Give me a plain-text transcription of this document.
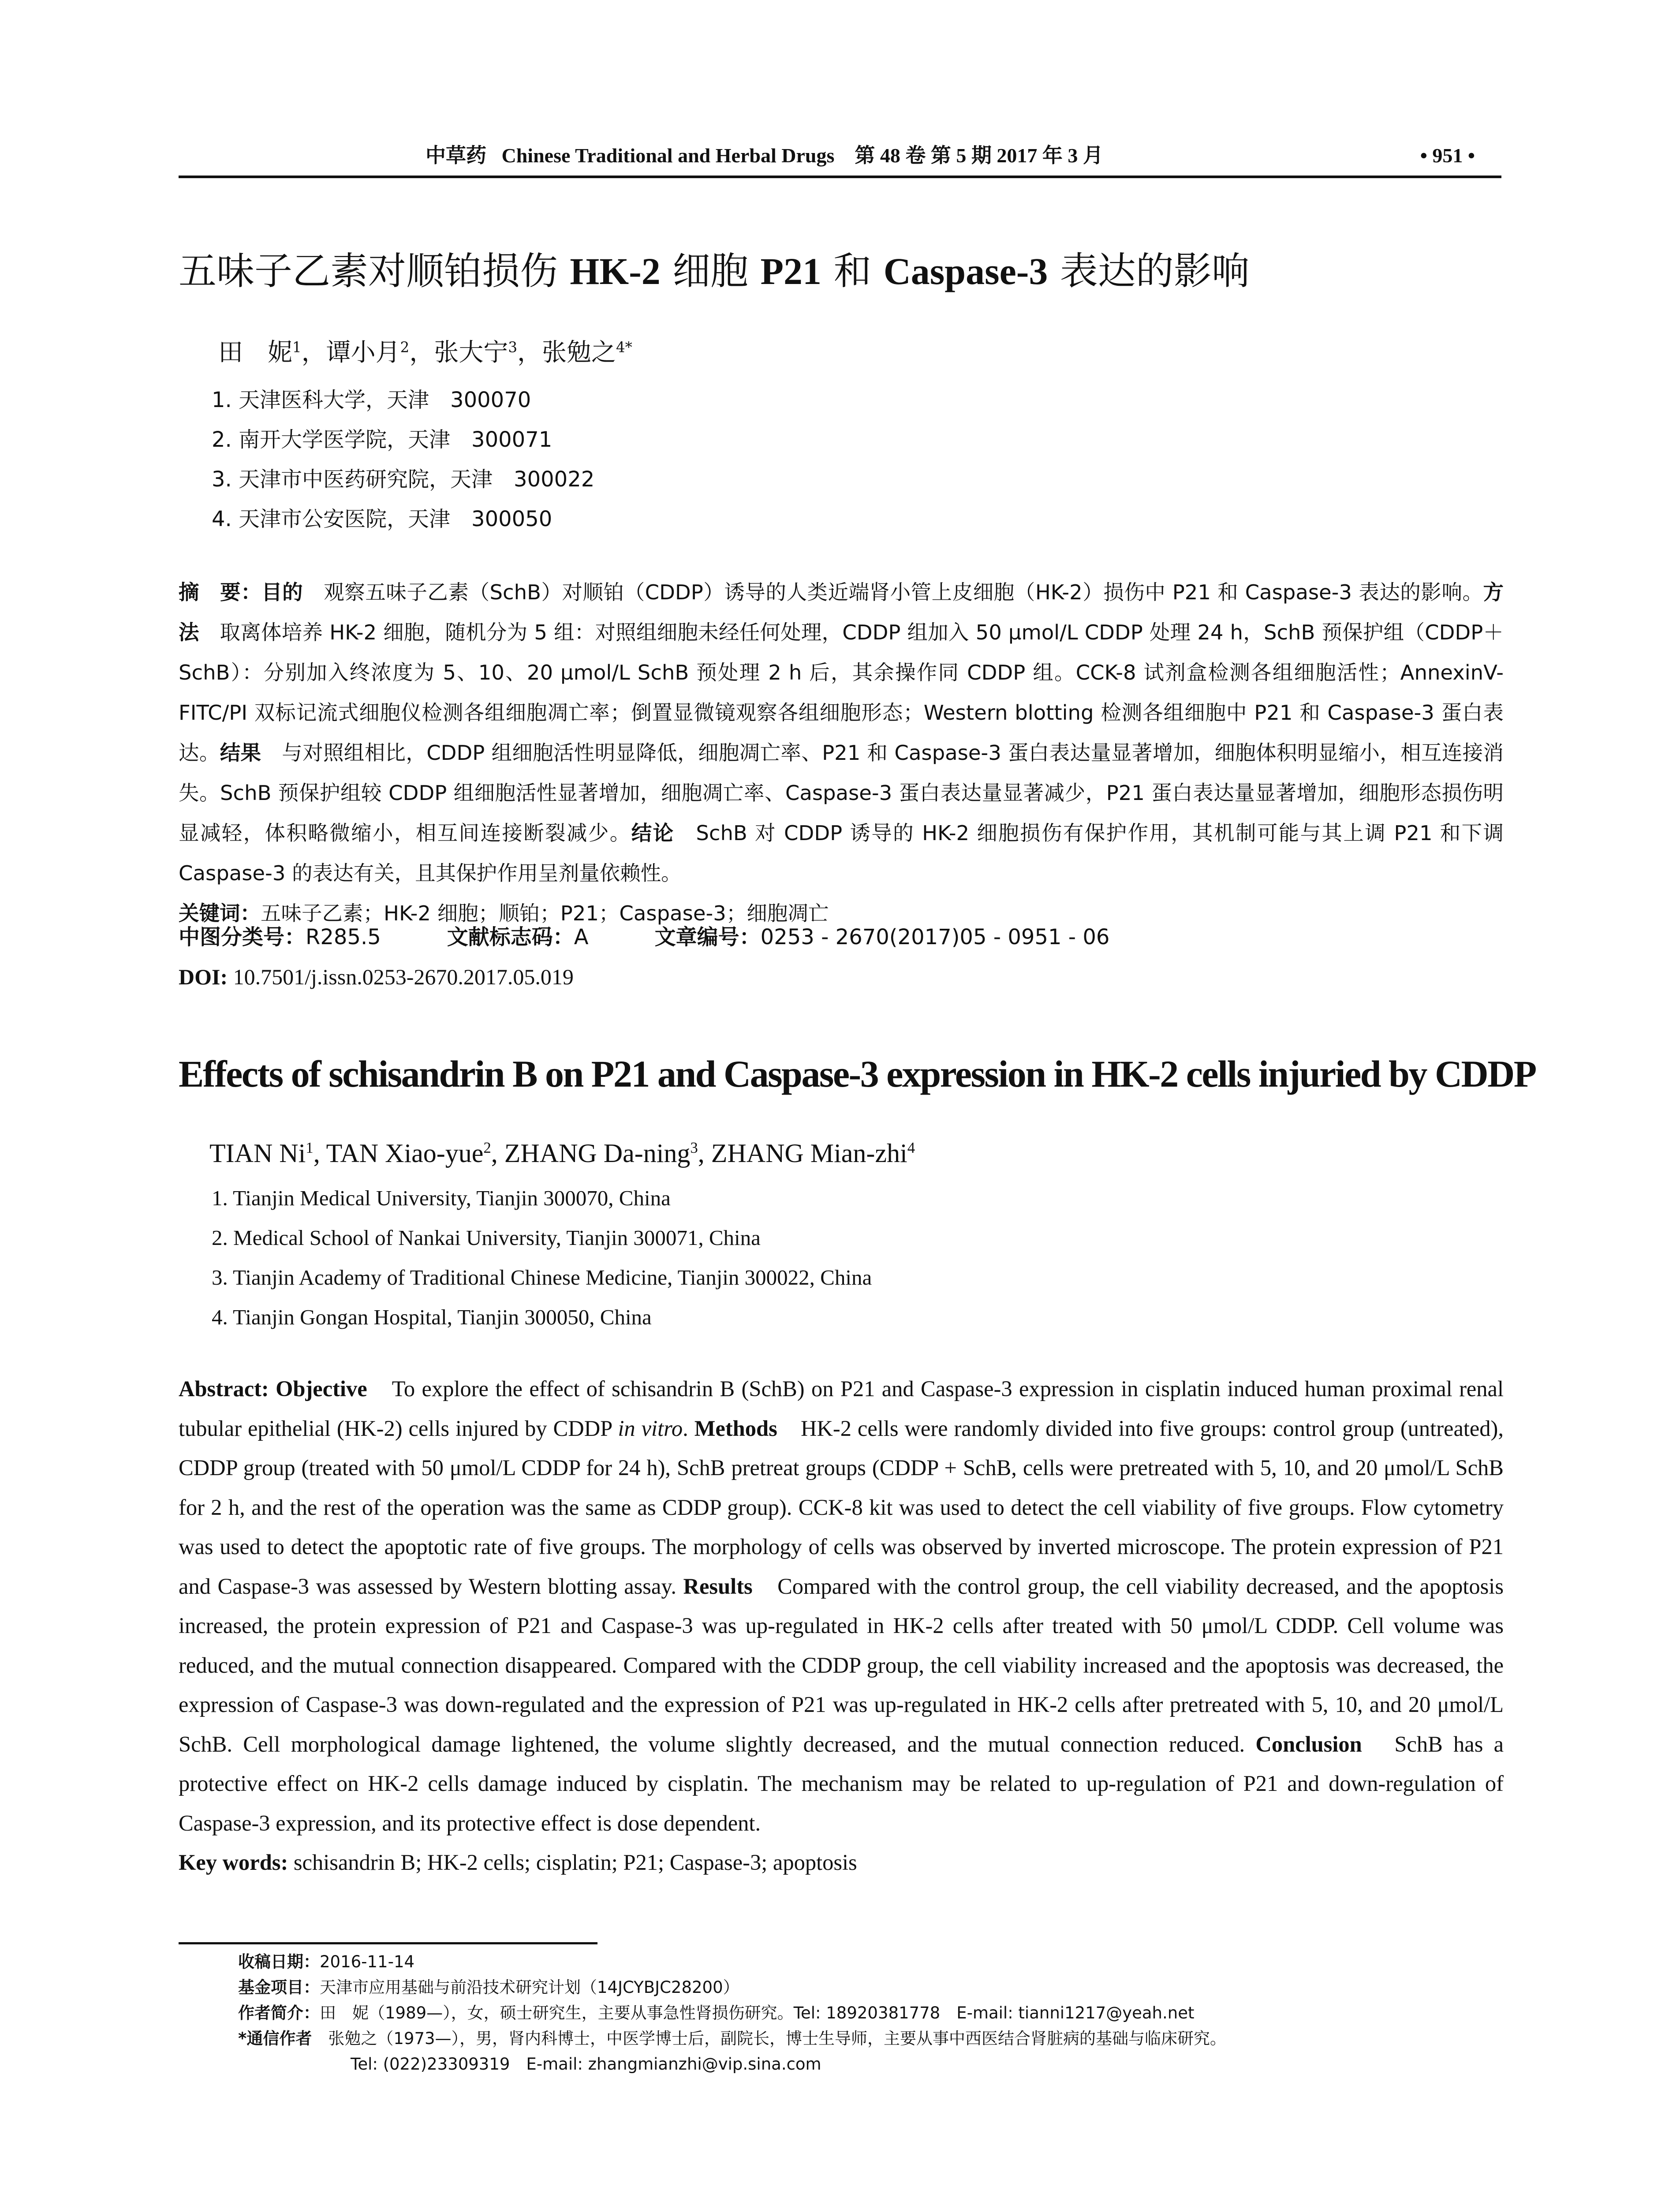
中草药 Chinese Traditional and Herbal Drugs 第 48 卷 第 5 期 2017 年 3 月	• 951 •
五味子乙素对顺铂损伤 HK-2 细胞 P21 和 Caspase-3 表达的影响
田　妮$^1$，谭小月$^2$，张大宁$^3$，张勉之$^{4*}$
1. 天津医科大学，天津　300070
2. 南开大学医学院，天津　300071
3. 天津市中医药研究院，天津　300022
4. 天津市公安医院，天津　300050

摘　要：目的　观察五味子乙素（SchB）对顺铂（CDDP）诱导的人类近端肾小管上皮细胞（HK-2）损伤中 P21 和 Caspase-3 表达的影响。方法　取离体培养 HK-2 细胞，随机分为 5 组：对照组细胞未经任何处理，CDDP 组加入 50 μmol/L CDDP 处理 24 h，SchB 预保护组（CDDP＋SchB）：分别加入终浓度为 5、10、20 μmol/L SchB 预处理 2 h 后，其余操作同 CDDP 组。CCK-8 试剂盒检测各组细胞活性；AnnexinV-FITC/PI 双标记流式细胞仪检测各组细胞凋亡率；倒置显微镜观察各组细胞形态；Western blotting 检测各组细胞中 P21 和 Caspase-3 蛋白表达。结果　与对照组相比，CDDP 组细胞活性明显降低，细胞凋亡率、P21 和 Caspase-3 蛋白表达量显著增加，细胞体积明显缩小，相互连接消失。SchB 预保护组较 CDDP 组细胞活性显著增加，细胞凋亡率、Caspase-3 蛋白表达量显著减少，P21 蛋白表达量显著增加，细胞形态损伤明显减轻，体积略微缩小，相互间连接断裂减少。结论　SchB 对 CDDP 诱导的 HK-2 细胞损伤有保护作用，其机制可能与其上调 P21 和下调 Caspase-3 的表达有关，且其保护作用呈剂量依赖性。

关键词：五味子乙素；HK-2 细胞；顺铂；P21；Caspase-3；细胞凋亡

中图分类号：R285.5	文献标志码：A	文章编号：0253 - 2670(2017)05 - 0951 - 06
DOI: 10.7501/j.issn.0253-2670.2017.05.019
Effects of schisandrin B on P21 and Caspase-3 expression in HK-2 cells injuried by CDDP
TIAN Ni$^1$, TAN Xiao-yue$^2$, ZHANG Da-ning$^3$, ZHANG Mian-zhi$^4$
1. Tianjin Medical University, Tianjin 300070, China
2. Medical School of Nankai University, Tianjin 300071, China
3. Tianjin Academy of Traditional Chinese Medicine, Tianjin 300022, China
4. Tianjin Gongan Hospital, Tianjin 300050, China

Abstract: Objective　To explore the effect of schisandrin B (SchB) on P21 and Caspase-3 expression in cisplatin induced human proximal renal tubular epithelial (HK-2) cells injured by CDDP in vitro. Methods　HK-2 cells were randomly divided into five groups: control group (untreated), CDDP group (treated with 50 μmol/L CDDP for 24 h), SchB pretreat groups (CDDP + SchB, cells were pretreated with 5, 10, and 20 μmol/L SchB for 2 h, and the rest of the operation was the same as CDDP group). CCK-8 kit was used to detect the cell viability of five groups. Flow cytometry was used to detect the apoptotic rate of five groups. The morphology of cells was observed by inverted microscope. The protein expression of P21 and Caspase-3 was assessed by Western blotting assay. Results　Compared with the control group, the cell viability decreased, and the apoptosis increased, the protein expression of P21 and Caspase-3 was up-regulated in HK-2 cells after treated with 50 μmol/L CDDP. Cell volume was reduced, and the mutual connection disappeared. Compared with the CDDP group, the cell viability increased and the apoptosis was decreased, the expression of Caspase-3 was down-regulated and the expression of P21 was up-regulated in HK-2 cells after pretreated with 5, 10, and 20 μmol/L SchB. Cell morphological damage lightened, the volume slightly decreased, and the mutual connection reduced. Conclusion　SchB has a protective effect on HK-2 cells damage induced by cisplatin. The mechanism may be related to up-regulation of P21 and down-regulation of Caspase-3 expression, and its protective effect is dose dependent.

Key words: schisandrin B; HK-2 cells; cisplatin; P21; Caspase-3; apoptosis

收稿日期：2016-11-14
基金项目：天津市应用基础与前沿技术研究计划（14JCYBJC28200）
作者简介：田　妮（1989—），女，硕士研究生，主要从事急性肾损伤研究。Tel: 18920381778　E-mail: tianni1217@yeah.net
*通信作者　张勉之（1973—），男，肾内科博士，中医学博士后，副院长，博士生导师，主要从事中西医结合肾脏病的基础与临床研究。
Tel: (022)23309319　E-mail: zhangmianzhi@vip.sina.com
